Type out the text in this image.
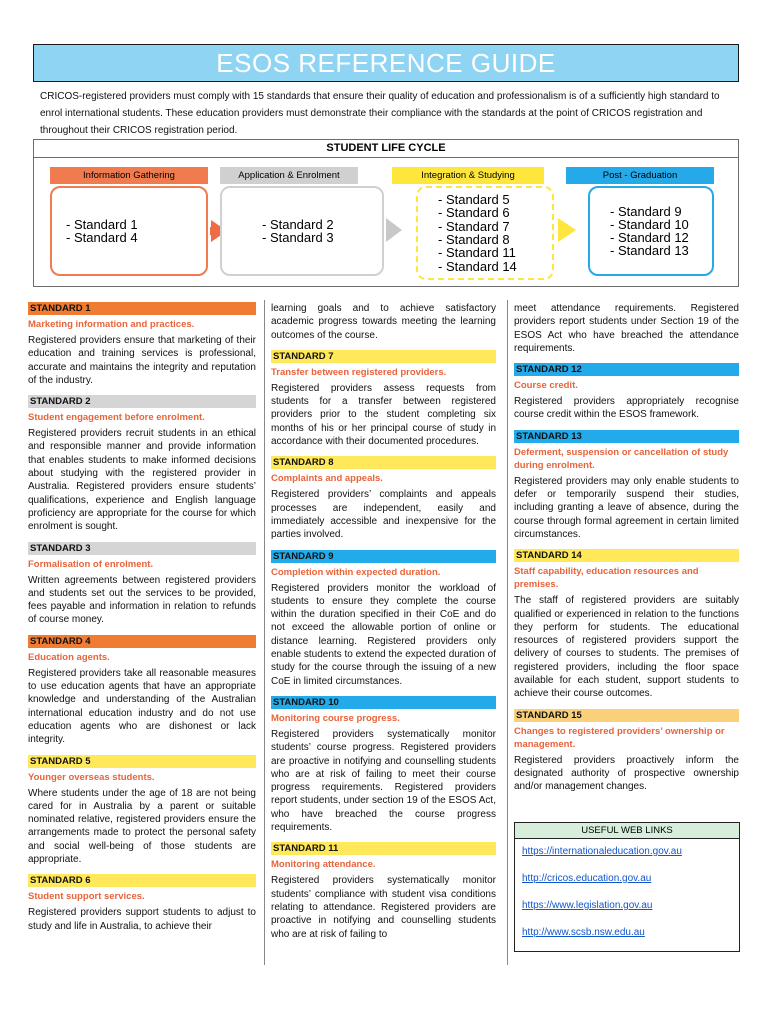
ESOS REFERENCE GUIDE
CRICOS-registered providers must comply with 15 standards that ensure their quality of education and professionalism is of a sufficiently high standard to enrol international students. These education providers must demonstrate their compliance with the standards at the point of CRICOS registration and throughout their CRICOS registration period.
STUDENT LIFE CYCLE
Information Gathering
- Standard 1
- Standard 4
Application & Enrolment
- Standard 2
- Standard 3
Integration & Studying
- Standard 5
- Standard 6
- Standard 7
- Standard 8
- Standard 11
- Standard 14
Post - Graduation
- Standard 9
- Standard 10
- Standard 12
- Standard 13
STANDARD 1
Marketing information and practices.
Registered providers ensure that marketing of their education and training services is professional, accurate and maintains the integrity and reputation of the industry.
STANDARD 2
Student engagement before enrolment.
Registered providers recruit students in an ethical and responsible manner and provide information that enables students to make informed decisions about studying with the registered provider in Australia. Registered providers ensure students’ qualifications, experience and English language proficiency are appropriate for the course for which enrolment is sought.
STANDARD 3
Formalisation of enrolment.
Written agreements between registered providers and students set out the services to be provided, fees payable and information in relation to refunds of course money.
STANDARD 4
Education agents.
Registered providers take all reasonable measures to use education agents that have an appropriate knowledge and understanding of the Australian international education industry and do not use education agents who are dishonest or lack integrity.
STANDARD 5
Younger overseas students.
Where students under the age of 18 are not being cared for in Australia by a parent or suitable nominated relative, registered providers ensure the arrangements made to protect the personal safety and social well-being of those students are appropriate.
STANDARD 6
Student support services.
Registered providers support students to adjust to study and life in Australia, to achieve their
learning goals and to achieve satisfactory academic progress towards meeting the learning outcomes of the course.
STANDARD 7
Transfer between registered providers.
Registered providers assess requests from students for a transfer between registered providers prior to the student completing six months of his or her principal course of study in accordance with their documented procedures.
STANDARD 8
Complaints and appeals.
Registered providers’ complaints and appeals processes are independent, easily and immediately accessible and inexpensive for the parties involved.
STANDARD 9
Completion within expected duration.
Registered providers monitor the workload of students to ensure they complete the course within the duration specified in their CoE and do not exceed the allowable portion of online or distance learning. Registered providers only enable students to extend the expected duration of study for the course through the issuing of a new CoE in limited circumstances.
STANDARD 10
Monitoring course progress.
Registered providers systematically monitor students’ course progress. Registered providers are proactive in notifying and counselling students who are at risk of failing to meet their course progress requirements. Registered providers report students, under section 19 of the ESOS Act, who have breached the course progress requirements.
STANDARD 11
Monitoring attendance.
Registered providers systematically monitor students’ compliance with student visa conditions relating to attendance. Registered providers are proactive in notifying and counselling students who are at risk of failing to
meet attendance requirements. Registered providers report students under Section 19 of the ESOS Act who have breached the attendance requirements.
STANDARD 12
Course credit.
Registered providers appropriately recognise course credit within the ESOS framework.
STANDARD 13
Deferment, suspension or cancellation of study during enrolment.
Registered providers may only enable students to defer or temporarily suspend their studies, including granting a leave of absence, during the course through formal agreement in certain limited circumstances.
STANDARD 14
Staff capability, education resources and premises.
The staff of registered providers are suitably qualified or experienced in relation to the functions they perform for students. The educational resources of registered providers support the delivery of courses to students. The premises of registered providers, including the floor space available for each student, support students to achieve their course outcomes.
STANDARD 15
Changes to registered providers’ ownership or management.
Registered providers proactively inform the designated authority of prospective ownership and/or management changes.
USEFUL WEB LINKS
https://internationaleducation.gov.au
http://cricos.education.gov.au
https://www.legislation.gov.au
http://www.scsb.nsw.edu.au
